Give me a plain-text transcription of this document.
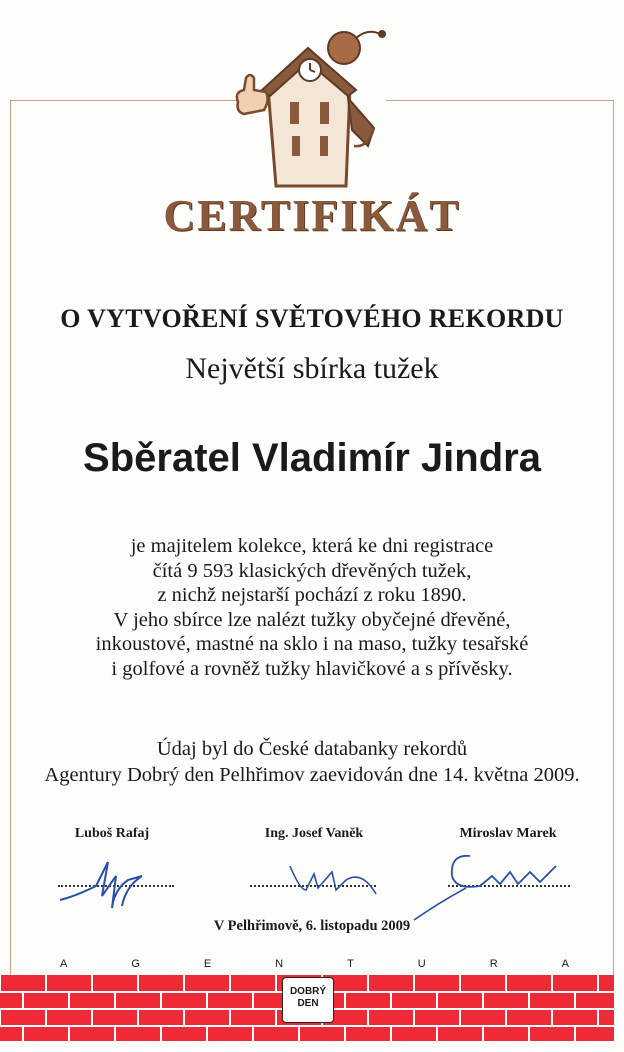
CERTIFIKÁT
O VYTVOŘENÍ SVĚTOVÉHO REKORDU
Největší sbírka tužek
Sběratel Vladimír Jindra
je majitelem kolekce, která ke dni registrace
čítá 9 593 klasických dřevěných tužek,
z nichž nejstarší pochází z roku 1890.
V jeho sbírce lze nalézt tužky obyčejné dřevěné,
inkoustové, mastné na sklo i na maso, tužky tesařské
i golfové a rovněž tužky hlavičkové a s přívěsky.
Údaj byl do České databanky rekordů
Agentury Dobrý den Pelhřimov zaevidován dne 14. května 2009.
Luboš Rafaj	Ing. Josef Vaněk	Miroslav Marek
V Pelhřimově, 6. listopadu 2009
A	G	E	N	T	U	R	A
DOBRÝ
DEN
